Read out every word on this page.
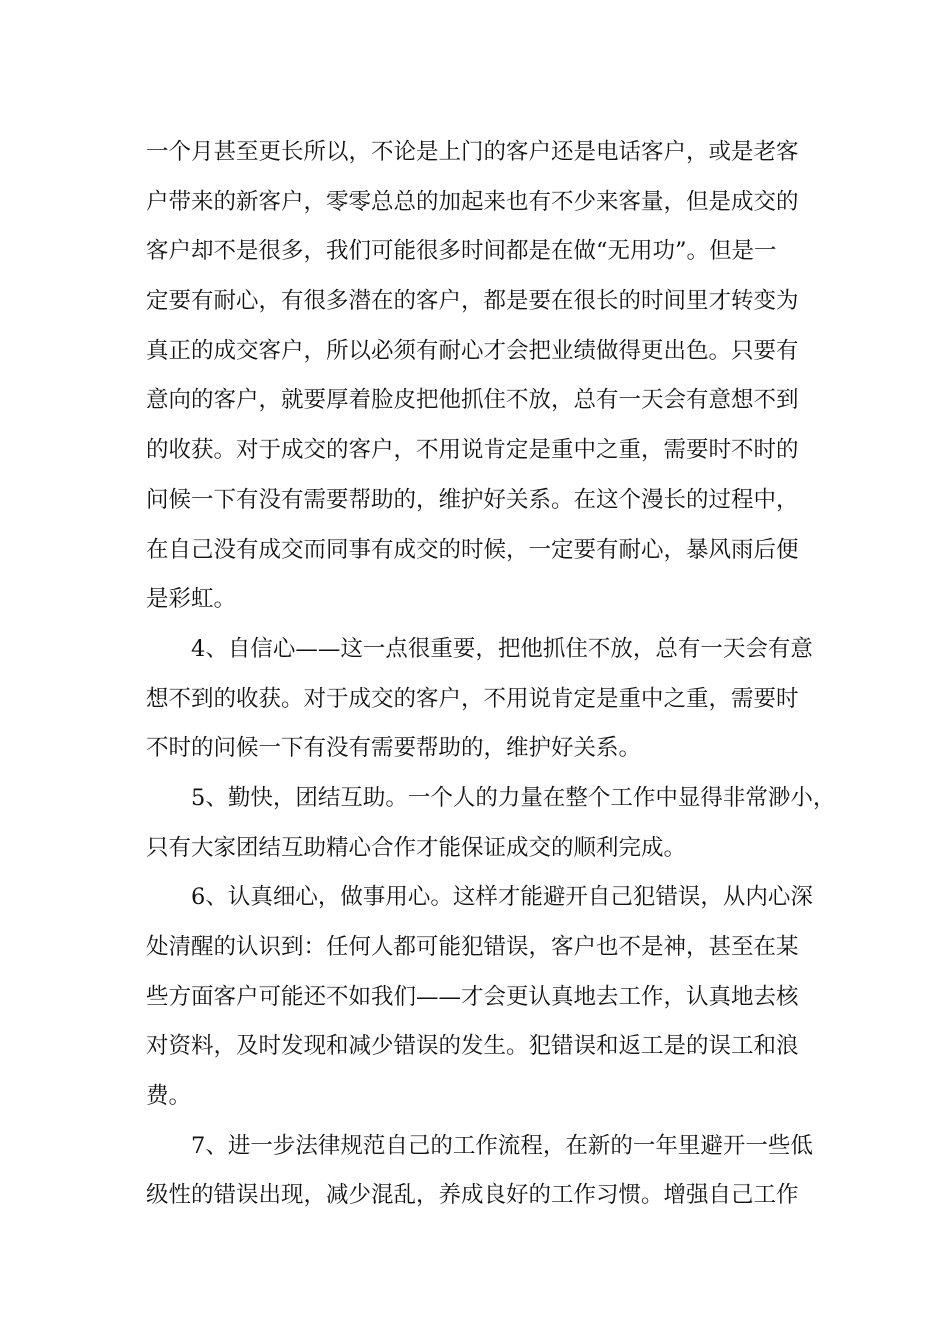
一个月甚至更长所以，不论是上门的客户还是电话客户，或是老客
户带来的新客户，零零总总的加起来也有不少来客量，但是成交的
客户却不是很多，我们可能很多时间都是在做“无用功”。但是一
定要有耐心，有很多潜在的客户，都是要在很长的时间里才转变为
真正的成交客户，所以必须有耐心才会把业绩做得更出色。只要有
意向的客户，就要厚着脸皮把他抓住不放，总有一天会有意想不到
的收获。对于成交的客户，不用说肯定是重中之重，需要时不时的
问候一下有没有需要帮助的，维护好关系。在这个漫长的过程中，
在自己没有成交而同事有成交的时候，一定要有耐心，暴风雨后便
是彩虹。
4、自信心——这一点很重要，把他抓住不放，总有一天会有意
想不到的收获。对于成交的客户，不用说肯定是重中之重，需要时
不时的问候一下有没有需要帮助的，维护好关系。
5、勤快，团结互助。一个人的力量在整个工作中显得非常渺小，
只有大家团结互助精心合作才能保证成交的顺利完成。
6、认真细心，做事用心。这样才能避开自己犯错误，从内心深
处清醒的认识到：任何人都可能犯错误，客户也不是神，甚至在某
些方面客户可能还不如我们——才会更认真地去工作，认真地去核
对资料，及时发现和减少错误的发生。犯错误和返工是的误工和浪
费。
7、进一步法律规范自己的工作流程，在新的一年里避开一些低
级性的错误出现，减少混乱，养成良好的工作习惯。增强自己工作
